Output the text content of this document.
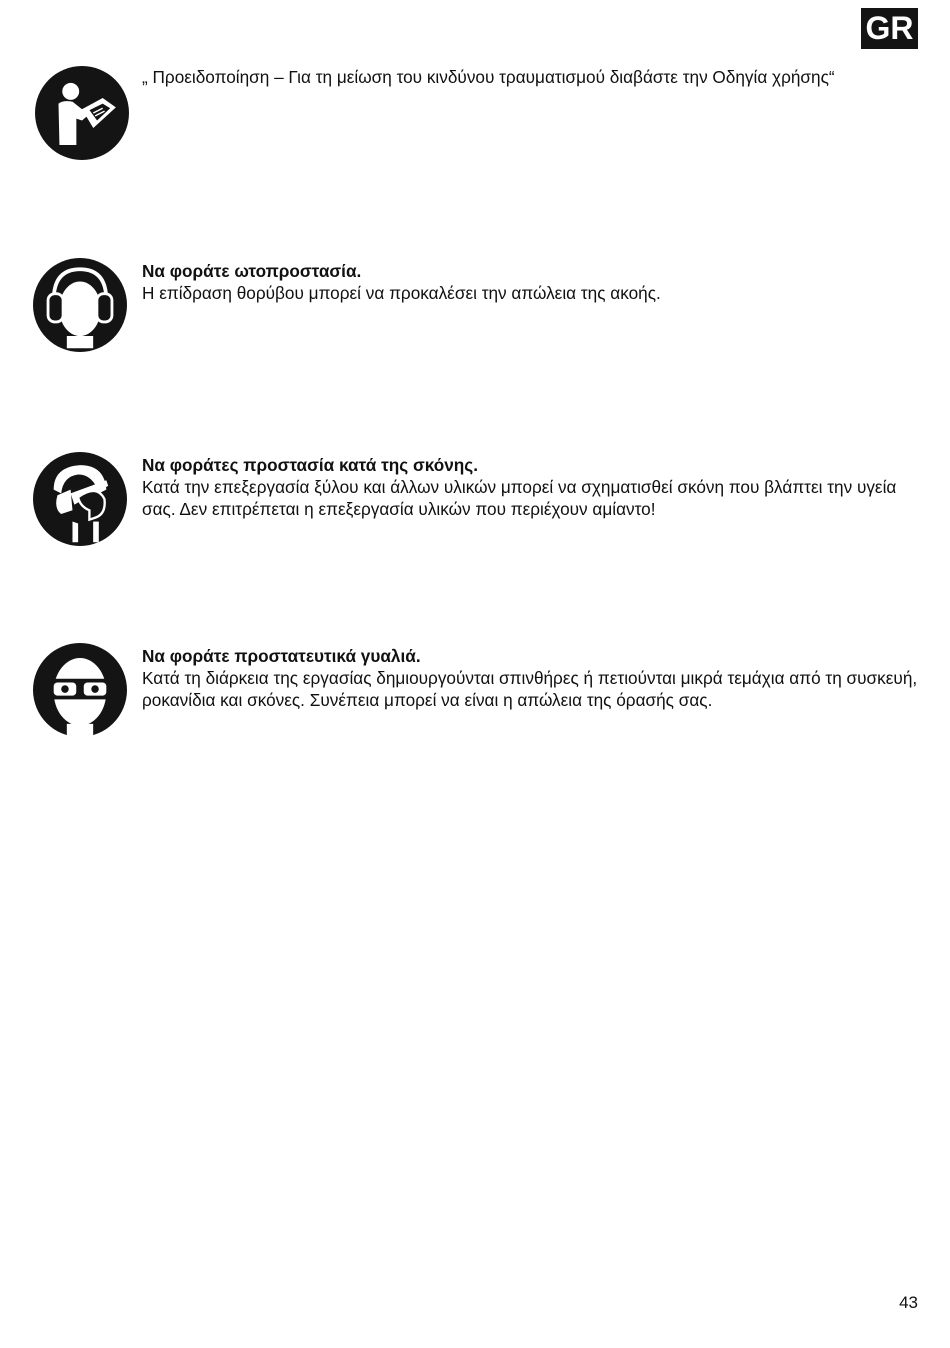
GR
„ Προειδοποίηση – Για τη μείωση του κινδύνου τραυματισμού διαβάστε την Οδηγία χρήσης“
Να φοράτε ωτοπροστασία.
Η επίδραση θορύβου μπορεί να προκαλέσει την απώλεια της ακοής.
Να φοράτες προστασία κατά της σκόνης.
Κατά την επεξεργασία ξύλου και άλλων υλικών μπορεί να σχηματισθεί σκόνη που βλάπτει την υγεία σας. Δεν επιτρέπεται η επεξεργασία υλικών που περιέχουν αμίαντο!
Να φοράτε προστατευτικά γυαλιά.
Κατά τη διάρκεια της εργασίας δημιουργούνται σπινθήρες ή πετιούνται μικρά τεμάχια από τη συσκευή, ροκανίδια και σκόνες. Συνέπεια μπορεί να είναι η απώλεια της όρασής σας.
43
